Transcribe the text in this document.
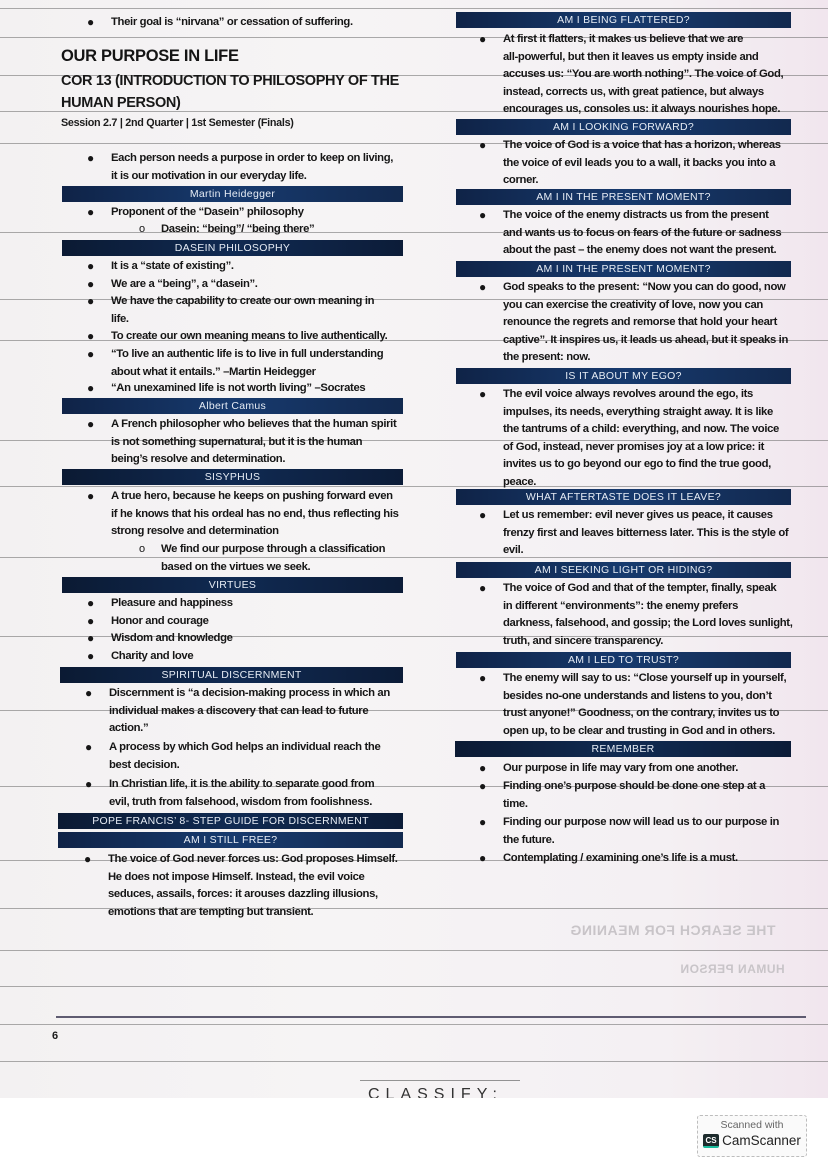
THE SEARCH FOR MEANING
HUMAN PERSON
● Their goal is “nirvana” or cessation of suffering.
OUR PURPOSE IN LIFE
COR 13 (INTRODUCTION TO PHILOSOPHY OF THE
HUMAN PERSON)
Session 2.7 | 2nd Quarter | 1st Semester (Finals)
● Each person needs a purpose in order to keep on living,
it is our motivation in our everyday life.
Martin Heidegger
● Proponent of the “Dasein” philosophy
o Dasein: “being”/ “being there”
DASEIN PHILOSOPHY
● It is a “state of existing”.
● We are a “being”, a “dasein”.
● We have the capability to create our own meaning in
life.
● To create our own meaning means to live authentically.
● “To live an authentic life is to live in full understanding
about what it entails.” –Martin Heidegger
● “An unexamined life is not worth living” –Socrates
Albert Camus
● A French philosopher who believes that the human spirit
is not something supernatural, but it is the human
being’s resolve and determination.
SISYPHUS
● A true hero, because he keeps on pushing forward even
if he knows that his ordeal has no end, thus reflecting his
strong resolve and determination
o We find our purpose through a classification
based on the virtues we seek.
VIRTUES
● Pleasure and happiness
● Honor and courage
● Wisdom and knowledge
● Charity and love
SPIRITUAL DISCERNMENT
● Discernment is “a decision-making process in which an
individual makes a discovery that can lead to future
action.”
● A process by which God helps an individual reach the
best decision.
● In Christian life, it is the ability to separate good from
evil, truth from falsehood, wisdom from foolishness.
POPE FRANCIS’ 8- STEP GUIDE FOR DISCERNMENT
AM I STILL FREE?
● The voice of God never forces us: God proposes Himself.
He does not impose Himself. Instead, the evil voice
seduces, assails, forces: it arouses dazzling illusions,
emotions that are tempting but transient.
AM I BEING FLATTERED?
● At first it flatters, it makes us believe that we are
all-powerful, but then it leaves us empty inside and
accuses us: “You are worth nothing”. The voice of God,
instead, corrects us, with great patience, but always
encourages us, consoles us: it always nourishes hope.
AM I LOOKING FORWARD?
● The voice of God is a voice that has a horizon, whereas
the voice of evil leads you to a wall, it backs you into a
corner.
AM I IN THE PRESENT MOMENT?
● The voice of the enemy distracts us from the present
and wants us to focus on fears of the future or sadness
about the past – the enemy does not want the present.
AM I IN THE PRESENT MOMENT?
● God speaks to the present: “Now you can do good, now
you can exercise the creativity of love, now you can
renounce the regrets and remorse that hold your heart
captive”. It inspires us, it leads us ahead, but it speaks in
the present: now.
IS IT ABOUT MY EGO?
● The evil voice always revolves around the ego, its
impulses, its needs, everything straight away. It is like
the tantrums of a child: everything, and now. The voice
of God, instead, never promises joy at a low price: it
invites us to go beyond our ego to find the true good,
peace.
WHAT AFTERTASTE DOES IT LEAVE?
● Let us remember: evil never gives us peace, it causes
frenzy first and leaves bitterness later. This is the style of
evil.
AM I SEEKING LIGHT OR HIDING?
● The voice of God and that of the tempter, finally, speak
in different “environments”: the enemy prefers
darkness, falsehood, and gossip; the Lord loves sunlight,
truth, and sincere transparency.
AM I LED TO TRUST?
● The enemy will say to us: “Close yourself up in yourself,
besides no-one understands and listens to you, don’t
trust anyone!” Goodness, on the contrary, invites us to
open up, to be clear and trusting in God and in others.
REMEMBER
● Our purpose in life may vary from one another.
● Finding one’s purpose should be done one step at a
time.
● Finding our purpose now will lead us to our purpose in
the future.
● Contemplating / examining one’s life is a must.
6
CLASSIFY:
Scanned with
CS CamScanner
